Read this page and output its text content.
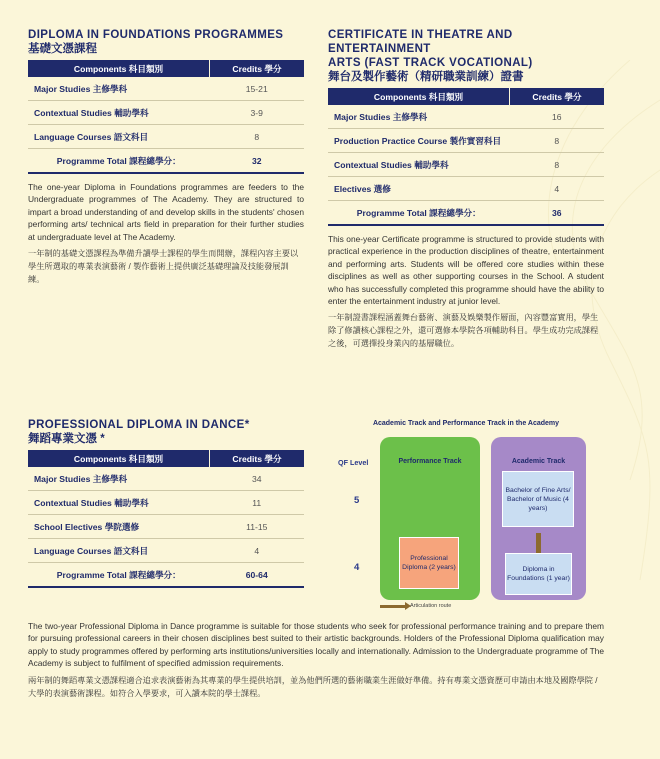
DIPLOMA IN FOUNDATIONS PROGRAMMES
基礎文憑課程
Components 科目類別	Credits 學分
Major Studies 主修學科	15-21
Contextual Studies 輔助學科	3-9
Language Courses 語文科目	8
Programme Total 課程總學分：	32
The one-year Diploma in Foundations programmes are feeders to the Undergraduate programmes of The Academy. They are structured to impart a broad understanding of and develop skills in the students' chosen performing arts/ technical arts field in preparation for their further studies at undergraduate level at The Academy.
一年制的基礎文憑課程為準備升讀學士課程的學生而開辦，課程內容主要以學生所選取的專業表演藝術 / 製作藝術上提供廣泛基礎理論及技能發展訓練。
CERTIFICATE IN THEATRE AND ENTERTAINMENT
ARTS (FAST TRACK VOCATIONAL)
舞台及製作藝術（精研職業訓練）證書
Components 科目類別	Credits 學分
Major Studies 主修學科	16
Production Practice Course 製作實習科目	8
Contextual Studies 輔助學科	8
Electives 選修	4
Programme Total 課程總學分：	36
This one-year Certificate programme is structured to provide students with practical experience in the production disciplines of theatre, entertainment and performing arts. Students will be offered core studies within these disciplines as well as other supporting courses in the School. A student who has successfully completed this programme should have the ability to enter the entertainment industry at junior level.
一年制證書課程涵蓋舞台藝術、演藝及娛樂製作層面，內容豐富實用，學生除了修讀核心課程之外，還可選修本學院各項輔助科目。學生成功完成課程之後，可選擇投身業內的基層職位。
PROFESSIONAL DIPLOMA IN DANCE*
舞蹈專業文憑 *
Components 科目類別	Credits 學分
Major Studies 主修學科	34
Contextual Studies 輔助學科	11
School Electives 學院選修	11-15
Language Courses 語文科目	4
Programme Total 課程總學分：	60-64
Academic Track and Performance Track in the Academy
QF Level
5
4
Performance Track	Academic Track
Professional Diploma (2 years)
Bachelor of Fine Arts/ Bachelor of Music (4 years)
Diploma in Foundations (1 year)
Articulation route
The two-year Professional Diploma in Dance programme is suitable for those students who seek for professional performance training and to prepare them for pursuing professional careers in their chosen disciplines best suited to their artistic backgrounds. Holders of the Professional Diploma qualification may apply to study programmes offered by performing arts institutions/universities locally and internationally. Admission to the Undergraduate programme of The Academy is subject to fulfilment of specified admission requirements.
兩年制的舞蹈專業文憑課程適合追求表演藝術為其專業的學生提供培訓，並為他們所選的藝術職業生涯做好準備。持有專業文憑資歷可申請由本地及國際學院 / 大學的表演藝術課程。如符合入學要求，可入讀本院的學士課程。
